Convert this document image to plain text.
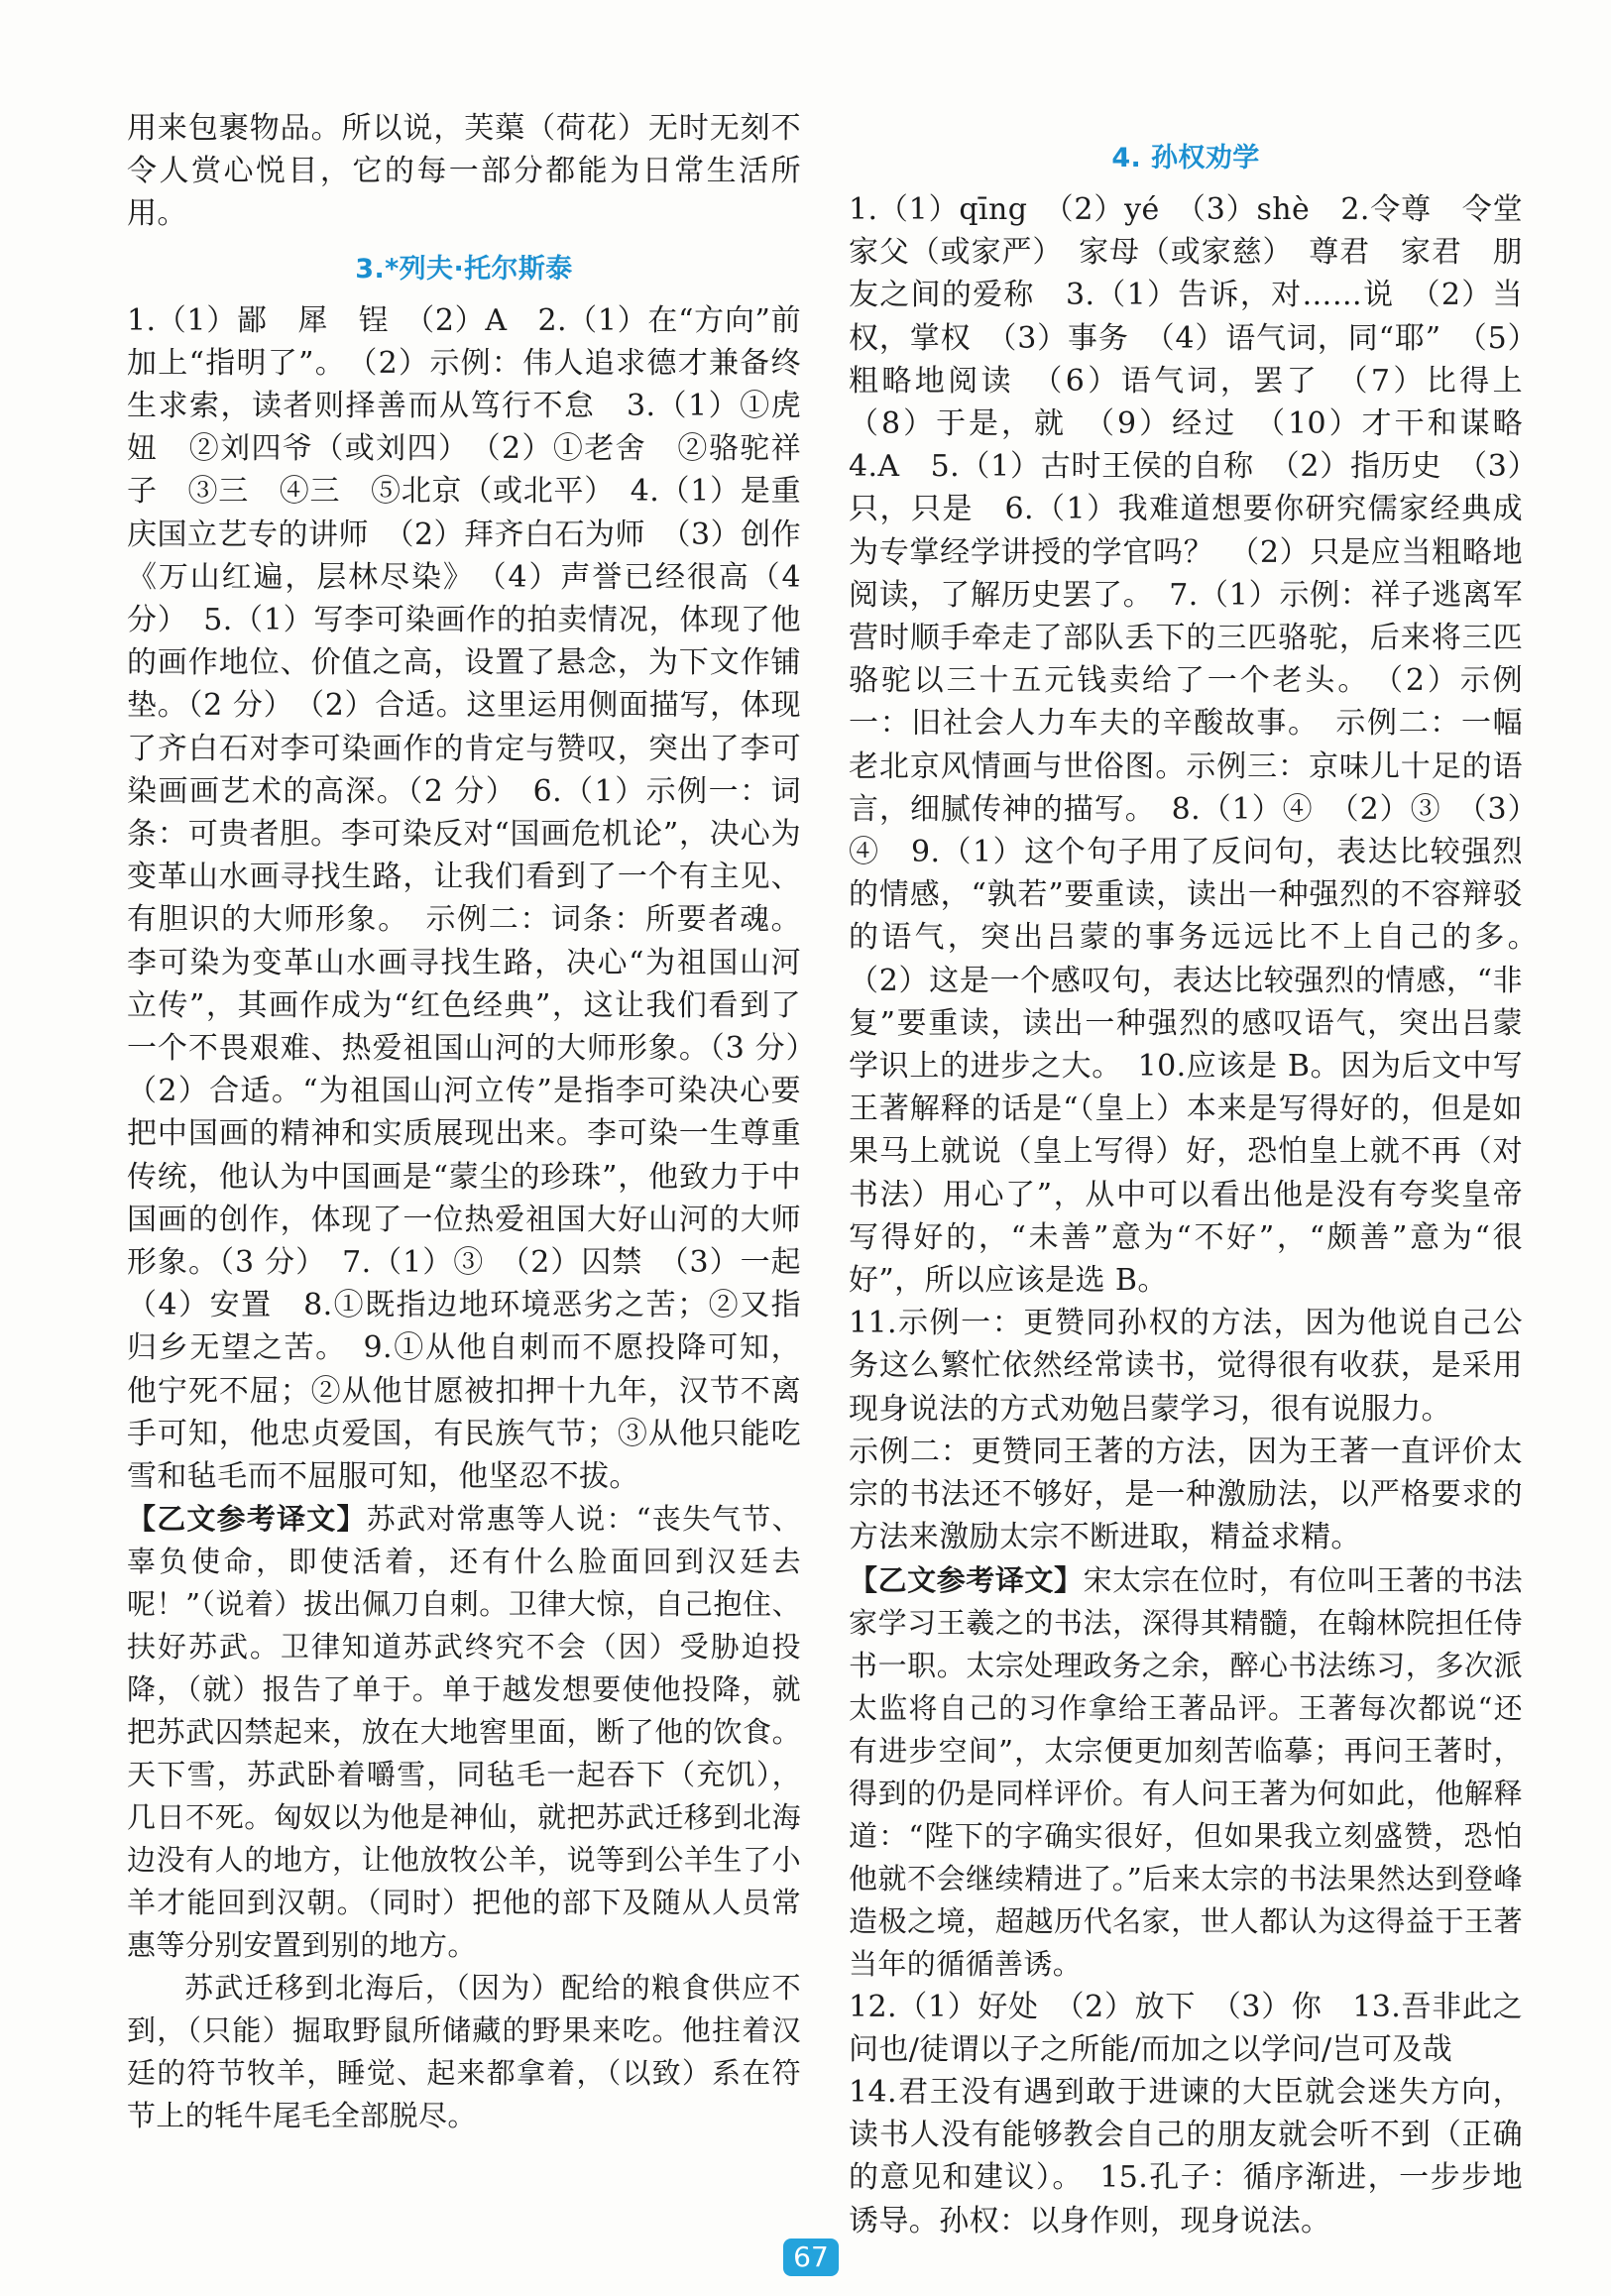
用来包裹物品。所以说，芙蕖（荷花）无时无刻不令人赏心悦目，它的每一部分都能为日常生活所用。

3.*列夫·托尔斯泰

1.（1）鄙　犀　锃　（2）A　2.（1）在“方向”前加上“指明了”。　（2）示例：伟人追求德才兼备终生求索，读者则择善而从笃行不怠　3.（1）①虎妞　②刘四爷（或刘四）　（2）①老舍　②骆驼祥子　③三　④三　⑤北京（或北平）　4.（1）是重庆国立艺专的讲师　（2）拜齐白石为师　（3）创作《万山红遍，层林尽染》　（4）声誉已经很高（4 分）　5.（1）写李可染画作的拍卖情况，体现了他的画作地位、价值之高，设置了悬念，为下文作铺垫。（2 分）　（2）合适。这里运用侧面描写，体现了齐白石对李可染画作的肯定与赞叹，突出了李可染画画艺术的高深。（2 分）　6.（1）示例一：词条：可贵者胆。李可染反对“国画危机论”，决心为变革山水画寻找生路，让我们看到了一个有主见、有胆识的大师形象。　示例二：词条：所要者魂。李可染为变革山水画寻找生路，决心“为祖国山河立传”，其画作成为“红色经典”，这让我们看到了一个不畏艰难、热爱祖国山河的大师形象。（3 分）　（2）合适。“为祖国山河立传”是指李可染决心要把中国画的精神和实质展现出来。李可染一生尊重传统，他认为中国画是“蒙尘的珍珠”，他致力于中国画的创作，体现了一位热爱祖国大好山河的大师形象。（3 分）　7.（1）③　（2）囚禁　（3）一起　（4）安置　8.①既指边地环境恶劣之苦；②又指归乡无望之苦。　9.①从他自刺而不愿投降可知，他宁死不屈；②从他甘愿被扣押十九年，汉节不离手可知，他忠贞爱国，有民族气节；③从他只能吃雪和毡毛而不屈服可知，他坚忍不拔。

【乙文参考译文】苏武对常惠等人说：“丧失气节、辜负使命，即使活着，还有什么脸面回到汉廷去呢！”（说着）拔出佩刀自刺。卫律大惊，自己抱住、扶好苏武。卫律知道苏武终究不会（因）受胁迫投降，（就）报告了单于。单于越发想要使他投降，就把苏武囚禁起来，放在大地窖里面，断了他的饮食。天下雪，苏武卧着嚼雪，同毡毛一起吞下（充饥），几日不死。匈奴以为他是神仙，就把苏武迁移到北海边没有人的地方，让他放牧公羊，说等到公羊生了小羊才能回到汉朝。（同时）把他的部下及随从人员常惠等分别安置到别的地方。

苏武迁移到北海后，（因为）配给的粮食供应不到，（只能）掘取野鼠所储藏的野果来吃。他拄着汉廷的符节牧羊，睡觉、起来都拿着，（以致）系在符节上的牦牛尾毛全部脱尽。

4. 孙权劝学

1.（1）qīng　（2）yé　（3）shè　2.令尊　令堂　家父（或家严）　家母（或家慈）　尊君　家君　朋友之间的爱称　3.（1）告诉，对……说　（2）当权，掌权　（3）事务　（4）语气词，同“耶”　（5）粗略地阅读　（6）语气词，罢了　（7）比得上　（8）于是，就　（9）经过　（10）才干和谋略　4.A　5.（1）古时王侯的自称　（2）指历史　（3）只，只是　6.（1）我难道想要你研究儒家经典成为专掌经学讲授的学官吗？　（2）只是应当粗略地阅读，了解历史罢了。　7.（1）示例：祥子逃离军营时顺手牵走了部队丢下的三匹骆驼，后来将三匹骆驼以三十五元钱卖给了一个老头。　（2）示例一：旧社会人力车夫的辛酸故事。　示例二：一幅老北京风情画与世俗图。示例三：京味儿十足的语言，细腻传神的描写。　8.（1）④　（2）③　（3）④　9.（1）这个句子用了反问句，表达比较强烈的情感，“孰若”要重读，读出一种强烈的不容辩驳的语气，突出吕蒙的事务远远比不上自己的多。　（2）这是一个感叹句，表达比较强烈的情感，“非复”要重读，读出一种强烈的感叹语气，突出吕蒙学识上的进步之大。　10.应该是 B。因为后文中写王著解释的话是“（皇上）本来是写得好的，但是如果马上就说（皇上写得）好，恐怕皇上就不再（对书法）用心了”，从中可以看出他是没有夸奖皇帝写得好的，“未善”意为“不好”，“颇善”意为“很好”，所以应该是选 B。

11.示例一：更赞同孙权的方法，因为他说自己公务这么繁忙依然经常读书，觉得很有收获，是采用现身说法的方式劝勉吕蒙学习，很有说服力。

示例二：更赞同王著的方法，因为王著一直评价太宗的书法还不够好，是一种激励法，以严格要求的方法来激励太宗不断进取，精益求精。

【乙文参考译文】宋太宗在位时，有位叫王著的书法家学习王羲之的书法，深得其精髓，在翰林院担任侍书一职。太宗处理政务之余，醉心书法练习，多次派太监将自己的习作拿给王著品评。王著每次都说“还有进步空间”，太宗便更加刻苦临摹；再问王著时，得到的仍是同样评价。有人问王著为何如此，他解释道：“陛下的字确实很好，但如果我立刻盛赞，恐怕他就不会继续精进了。”后来太宗的书法果然达到登峰造极之境，超越历代名家，世人都认为这得益于王著当年的循循善诱。

12.（1）好处　（2）放下　（3）你　13.吾非此之问也/徒谓以子之所能/而加之以学问/岂可及哉

14.君王没有遇到敢于进谏的大臣就会迷失方向，读书人没有能够教会自己的朋友就会听不到（正确的意见和建议）。　15.孔子：循序渐进，一步步地诱导。孙权：以身作则，现身说法。

67
